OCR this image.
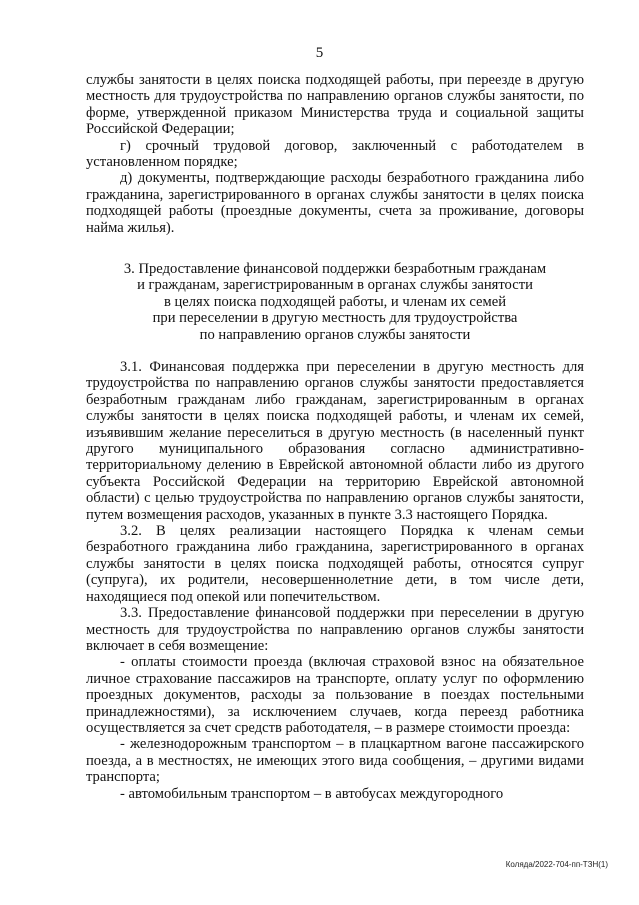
5

службы занятости в целях поиска подходящей работы, при переезде в другую местность для трудоустройства по направлению органов службы занятости, по форме, утвержденной приказом Министерства труда и социальной защиты Российской Федерации;

г) срочный трудовой договор, заключенный с работодателем в установленном порядке;

д) документы, подтверждающие расходы безработного гражданина либо гражданина, зарегистрированного в органах службы занятости в целях поиска подходящей работы (проездные документы, счета за проживание, договоры найма жилья).

3. Предоставление финансовой поддержки безработным гражданам
и гражданам, зарегистрированным в органах службы занятости
в целях поиска подходящей работы, и членам их семей
при переселении в другую местность для трудоустройства
по направлению органов службы занятости

3.1. Финансовая поддержка при переселении в другую местность для трудоустройства по направлению органов службы занятости предоставляется безработным гражданам либо гражданам, зарегистрированным в органах службы занятости в целях поиска подходящей работы, и членам их семей, изъявившим желание переселиться в другую местность (в населенный пункт другого муниципального образования согласно административно-территориальному делению в Еврейской автономной области либо из другого субъекта Российской Федерации на территорию Еврейской автономной области) с целью трудоустройства по направлению органов службы занятости, путем возмещения расходов, указанных в пункте 3.3 настоящего Порядка.

3.2. В целях реализации настоящего Порядка к членам семьи безработного гражданина либо гражданина, зарегистрированного в органах службы занятости в целях поиска подходящей работы, относятся супруг (супруга), их родители, несовершеннолетние дети, в том числе дети, находящиеся под опекой или попечительством.

3.3. Предоставление финансовой поддержки при переселении в другую местность для трудоустройства по направлению органов службы занятости включает в себя возмещение:

- оплаты стоимости проезда (включая страховой взнос на обязательное личное страхование пассажиров на транспорте, оплату услуг по оформлению проездных документов, расходы за пользование в поездах постельными принадлежностями), за исключением случаев, когда переезд работника осуществляется за счет средств работодателя, – в размере стоимости проезда:

- железнодорожным транспортом – в плацкартном вагоне пассажирского поезда, а в местностях, не имеющих этого вида сообщения, – другими видами транспорта;

- автомобильным транспортом – в автобусах междугородного

Коляда/2022-704-пп-ТЗН(1)
